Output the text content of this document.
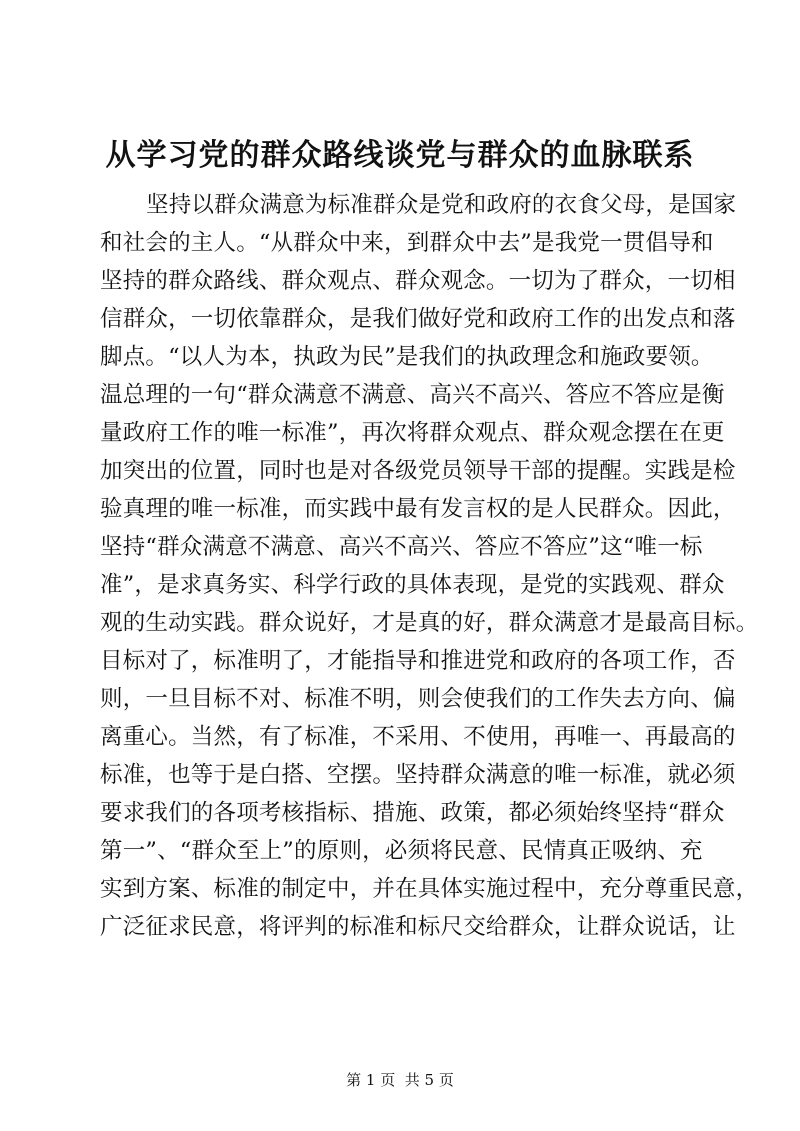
从学习党的群众路线谈党与群众的血脉联系
坚持以群众满意为标准群众是党和政府的衣食父母，是国家
和社会的主人。“从群众中来，到群众中去”是我党一贯倡导和
坚持的群众路线、群众观点、群众观念。一切为了群众，一切相
信群众，一切依靠群众，是我们做好党和政府工作的出发点和落
脚点。“以人为本，执政为民”是我们的执政理念和施政要领。
温总理的一句“群众满意不满意、高兴不高兴、答应不答应是衡
量政府工作的唯一标准”，再次将群众观点、群众观念摆在在更
加突出的位置，同时也是对各级党员领导干部的提醒。实践是检
验真理的唯一标准，而实践中最有发言权的是人民群众。因此，
坚持“群众满意不满意、高兴不高兴、答应不答应”这“唯一标
准”，是求真务实、科学行政的具体表现，是党的实践观、群众
观的生动实践。群众说好，才是真的好，群众满意才是最高目标。
目标对了，标准明了，才能指导和推进党和政府的各项工作，否
则，一旦目标不对、标准不明，则会使我们的工作失去方向、偏
离重心。当然，有了标准，不采用、不使用，再唯一、再最高的
标准，也等于是白搭、空摆。坚持群众满意的唯一标准，就必须
要求我们的各项考核指标、措施、政策，都必须始终坚持“群众
第一”、“群众至上”的原则，必须将民意、民情真正吸纳、充
实到方案、标准的制定中，并在具体实施过程中，充分尊重民意，
广泛征求民意，将评判的标准和标尺交给群众，让群众说话，让
第 1 页  共 5 页
